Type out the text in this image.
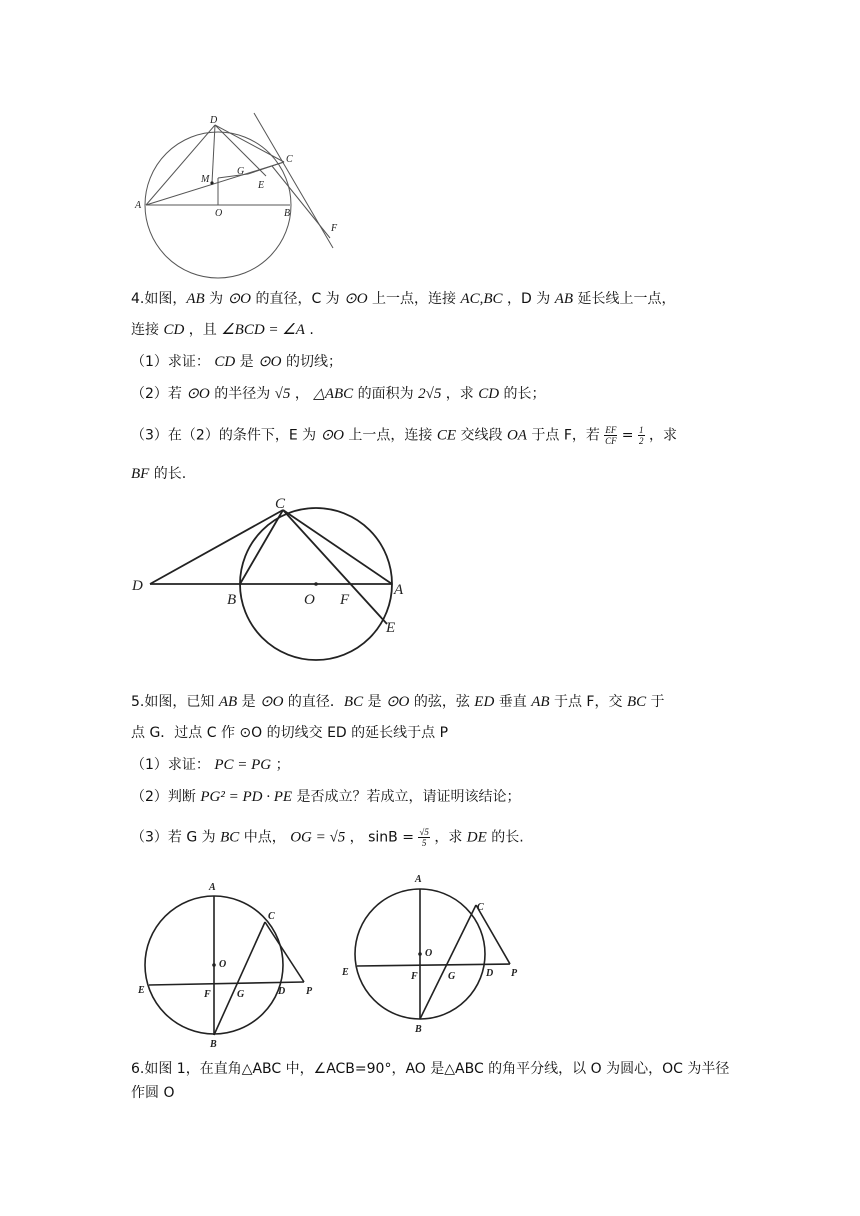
D
C
G
M
E
A
O	B
F
4.如图，AB 为 ⊙O 的直径，C 为 ⊙O 上一点，连接 AC,BC ，D 为 AB 延长线上一点，
连接 CD ，且 ∠BCD = ∠A .
（1）求证： CD 是 ⊙O 的切线；
（2）若 ⊙O 的半径为 √5 ， △ABC 的面积为 2√5 ，求 CD 的长；
（3）在（2）的条件下，E 为 ⊙O 上一点，连接 CE 交线段 OA 于点 F，若 $\frac{EF}{CF} = \frac{1}{2}$ ，求
BF 的长.
C
D
B	O F
A
E
5.如图，已知 AB 是 ⊙O 的直径．BC 是 ⊙O 的弦，弦 ED 垂直 AB 于点 F，交 BC 于
点 G．过点 C 作 ⊙O 的切线交 ED 的延长线于点 P
（1）求证： PC = PG ；
（2）判断 PG² = PD · PE 是否成立？若成立，请证明该结论；
（3）若 G 为 BC 中点， OG = √5 ， $\sin B = \frac{√5}{5}$ ，求 DE 的长.
A
C
O
E	F	G	D P
B
A
C
O
E	F	G	D P
B
6.如图 1，在直角△ABC 中，∠ACB=90°，AO 是△ABC 的角平分线，以 O 为圆心，OC 为半径
作圆 O
